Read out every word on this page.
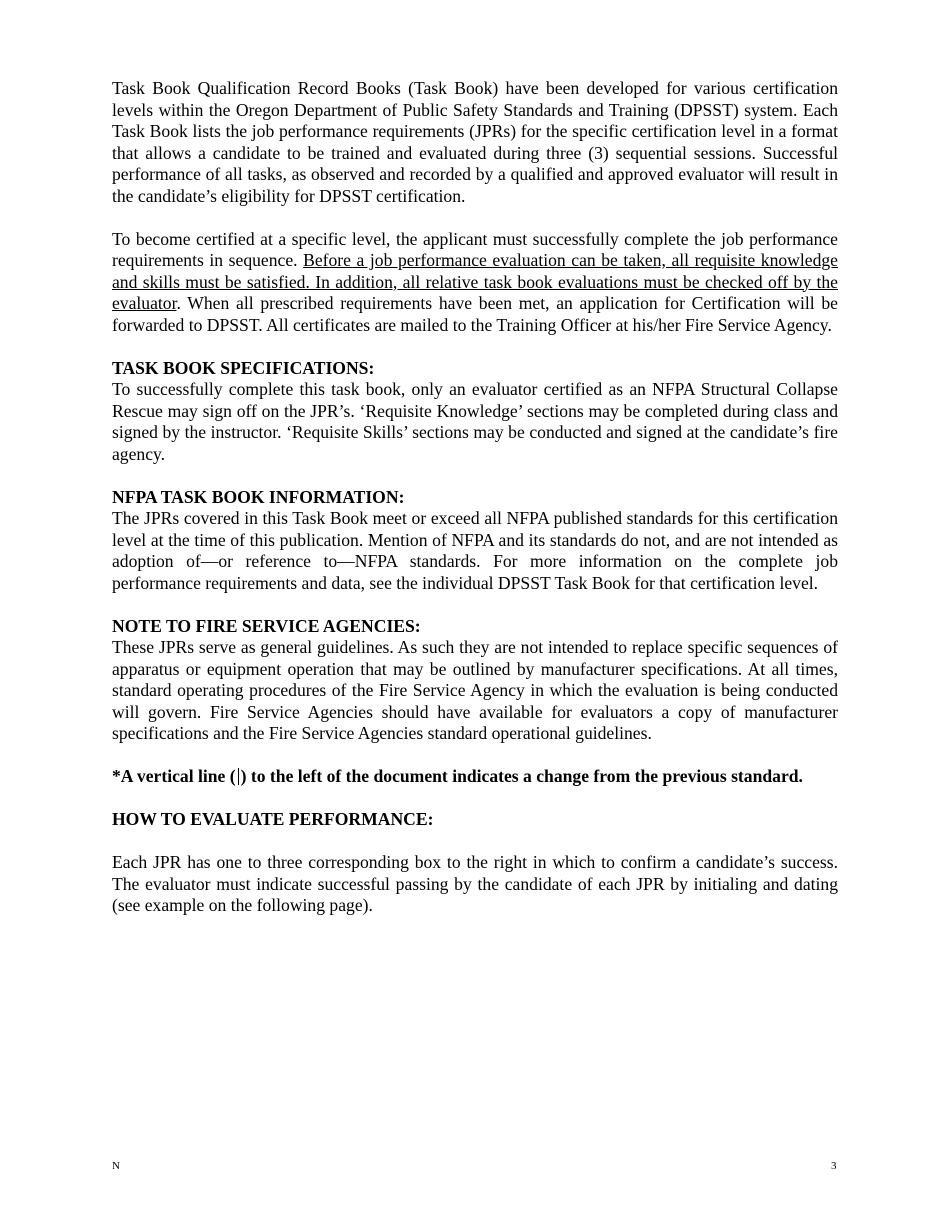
Task Book Qualification Record Books (Task Book) have been developed for various certification levels within the Oregon Department of Public Safety Standards and Training (DPSST) system. Each Task Book lists the job performance requirements (JPRs) for the specific certification level in a format that allows a candidate to be trained and evaluated during three (3) sequential sessions. Successful performance of all tasks, as observed and recorded by a qualified and approved evaluator will result in the candidate’s eligibility for DPSST certification.

To become certified at a specific level, the applicant must successfully complete the job performance requirements in sequence. Before a job performance evaluation can be taken, all requisite knowledge and skills must be satisfied. In addition, all relative task book evaluations must be checked off by the evaluator. When all prescribed requirements have been met, an application for Certification will be forwarded to DPSST. All certificates are mailed to the Training Officer at his/her Fire Service Agency.

TASK BOOK SPECIFICATIONS:

To successfully complete this task book, only an evaluator certified as an NFPA Structural Collapse Rescue may sign off on the JPR’s. ‘Requisite Knowledge’ sections may be completed during class and signed by the instructor. ‘Requisite Skills’ sections may be conducted and signed at the candidate’s fire agency.

NFPA TASK BOOK INFORMATION:

The JPRs covered in this Task Book meet or exceed all NFPA published standards for this certification level at the time of this publication. Mention of NFPA and its standards do not, and are not intended as adoption of—or reference to—NFPA standards. For more information on the complete job performance requirements and data, see the individual DPSST Task Book for that certification level.

NOTE TO FIRE SERVICE AGENCIES:

These JPRs serve as general guidelines. As such they are not intended to replace specific sequences of apparatus or equipment operation that may be outlined by manufacturer specifications. At all times, standard operating procedures of the Fire Service Agency in which the evaluation is being conducted will govern. Fire Service Agencies should have available for evaluators a copy of manufacturer specifications and the Fire Service Agencies standard operational guidelines.

*A vertical line ( ) to the left of the document indicates a change from the previous standard.

HOW TO EVALUATE PERFORMANCE:

Each JPR has one to three corresponding box to the right in which to confirm a candidate’s success. The evaluator must indicate successful passing by the candidate of each JPR by initialing and dating (see example on the following page).

N	3
